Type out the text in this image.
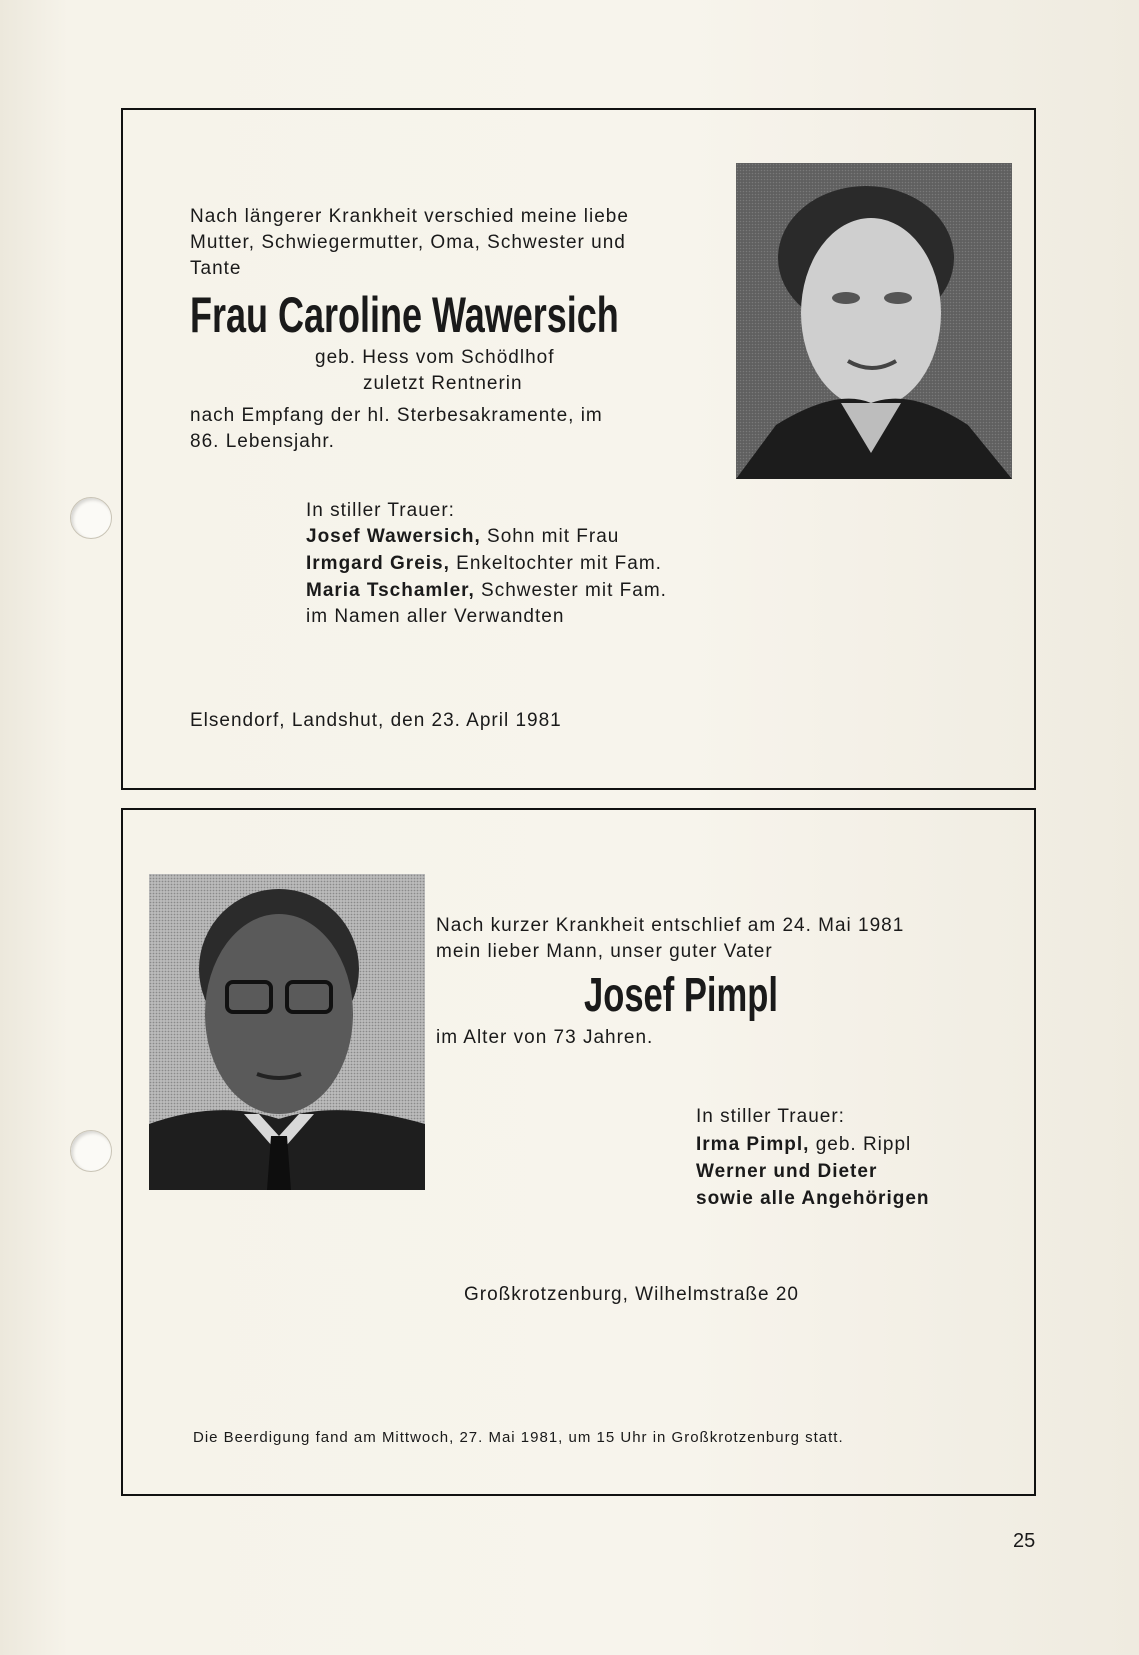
Nach längerer Krankheit verschied meine liebe
Mutter, Schwiegermutter, Oma, Schwester und
Tante
Frau Caroline Wawersich
geb. Hess vom Schödlhof
zuletzt Rentnerin
nach Empfang der hl. Sterbesakramente, im
86. Lebensjahr.
In stiller Trauer:
Josef Wawersich, Sohn mit Frau
Irmgard Greis, Enkeltochter mit Fam.
Maria Tschamler, Schwester mit Fam.
im Namen aller Verwandten
Elsendorf, Landshut, den 23. April 1981
Nach kurzer Krankheit entschlief am 24. Mai 1981
mein lieber Mann, unser guter Vater
Josef Pimpl
im Alter von 73 Jahren.
In stiller Trauer:
Irma Pimpl, geb. Rippl
Werner und Dieter
sowie alle Angehörigen
Großkrotzenburg, Wilhelmstraße 20
Die Beerdigung fand am Mittwoch, 27. Mai 1981, um 15 Uhr in Großkrotzenburg statt.
25
